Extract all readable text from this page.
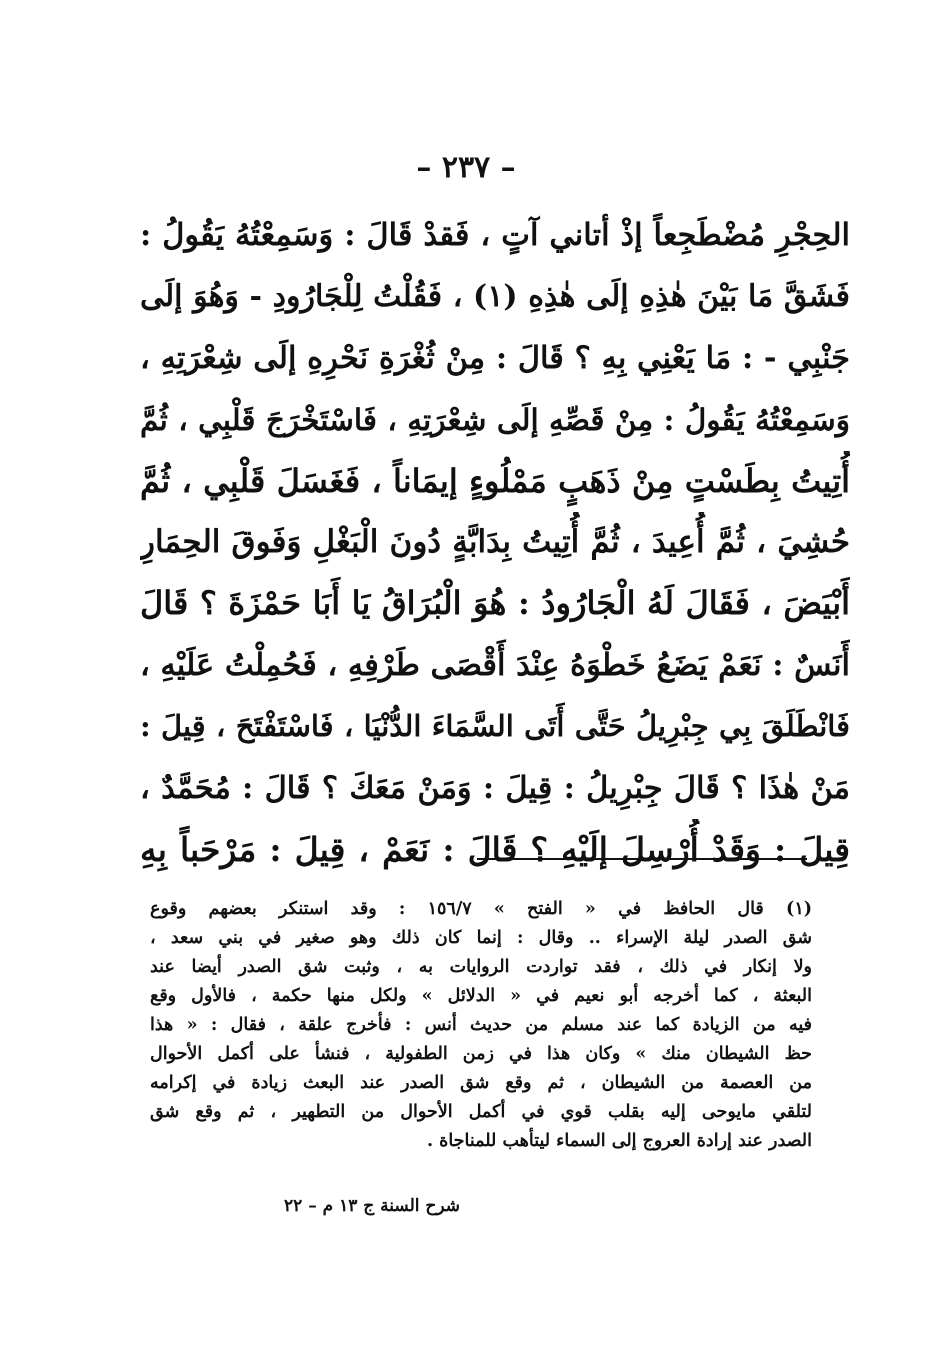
– ٢٣٧ –
الحِجْرِ مُضْطَجِعاً إذْ أتاني آتٍ ، فَقدْ قَالَ : وَسَمِعْتُهُ يَقُولُ :
فَشَقَّ مَا بَيْنَ هٰذِهِ إلَى هٰذِهِ (١) ، فَقُلْتُ لِلْجَارُودِ - وَهُوَ إلَى
جَنْبِي - : مَا يَعْنِي بِهِ ؟ قَالَ : مِنْ ثُغْرَةِ نَحْرِهِ إلَى شِعْرَتِهِ ،
وَسَمِعْتُهُ يَقُولُ : مِنْ قَصِّهِ إلَى شِعْرَتِهِ ، فَاسْتَخْرَجَ قَلْبِي ، ثُمَّ
أُتِيتُ بِطَسْتٍ مِنْ ذَهَبٍ مَمْلُوءٍ إيمَاناً ، فَغَسَلَ قَلْبِي ، ثُمَّ
حُشِيَ ، ثُمَّ أُعِيدَ ، ثُمَّ أُتِيتُ بِدَابَّةٍ دُونَ الْبَغْلِ وَفَوقَ الحِمَارِ
أَبْيَضَ ، فَقَالَ لَهُ الْجَارُودُ : هُوَ الْبُرَاقُ يَا أَبَا حَمْزَةَ ؟ قَالَ
أَنَسٌ : نَعَمْ يَضَعُ خَطْوَهُ عِنْدَ أَقْصَى طَرْفِهِ ، فَحُمِلْتُ عَلَيْهِ ،
فَانْطَلَقَ بِي جِبْرِيلُ حَتَّى أَتَى السَّمَاءَ الدُّنْيَا ، فَاسْتَفْتَحَ ، قِيلَ :
مَنْ هٰذَا ؟ قَالَ جِبْرِيلُ : قِيلَ : وَمَنْ مَعَكَ ؟ قَالَ : مُحَمَّدٌ ،
قِيلَ : وَقَدْ أُرْسِلَ إلَيْهِ ؟ قَالَ : نَعَمْ ، قِيلَ : مَرْحَباً بِهِ
(١) قال الحافظ في « الفتح » ١٥٦/٧ : وقد استنكر بعضهم وقوع
شق الصدر ليلة الإسراء .. وقال : إنما كان ذلك وهو صغير في بني سعد ،
ولا إنكار في ذلك ، فقد تواردت الروايات به ، وثبت شق الصدر أيضا عند
البعثة ، كما أخرجه أبو نعيم في « الدلائل » ولكل منها حكمة ، فالأول وقع
فيه من الزيادة كما عند مسلم من حديث أنس : فأخرج علقة ، فقال : « هذا
حظ الشيطان منك » وكان هذا في زمن الطفولية ، فنشأ على أكمل الأحوال
من العصمة من الشيطان ، ثم وقع شق الصدر عند البعث زيادة في إكرامه
لتلقي مايوحى إليه بقلب قوي في أكمل الأحوال من التطهير ، ثم وقع شق
الصدر عند إرادة العروج إلى السماء ليتأهب للمناجاة .
شرح السنة ج ١٣ م – ٢٢
